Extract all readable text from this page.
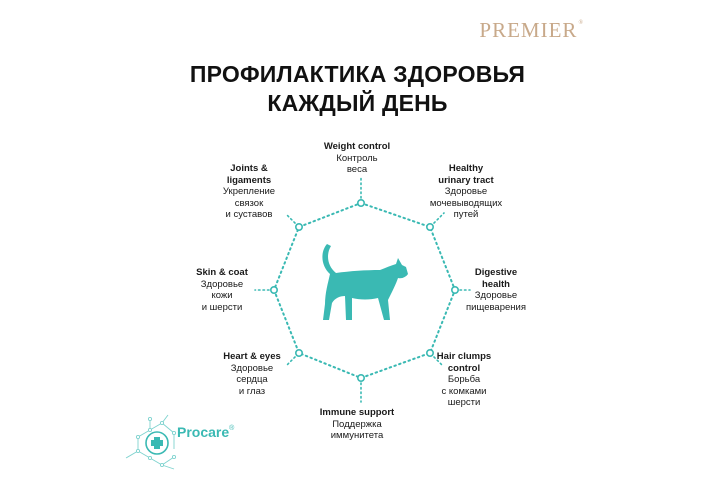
PREMIER®
ПРОФИЛАКТИКА ЗДОРОВЬЯ
КАЖДЫЙ ДЕНЬ
Weight control
Контроль
веса	Healthy
urinary tract
Здоровье
мочевыводящих
путей
Digestive
health
Здоровье
пищеварения
Hair clumps
control
Борьба
с комками
шерсти
Immune support
Поддержка
иммунитета
Heart & eyes
Здоровье
сердца
и глаз
Skin & coat
Здоровье
кожи
и шерсти
Joints &
ligaments
Укрепление
связок
и суставов
Procare®
